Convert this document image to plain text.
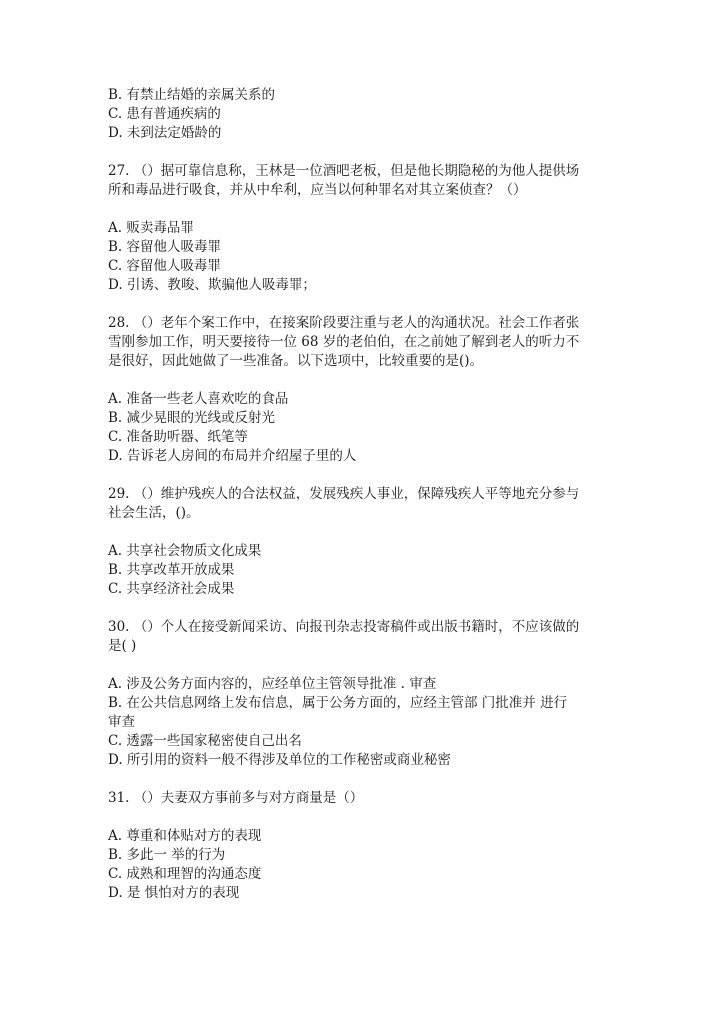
B. 有禁止结婚的亲属关系的
C. 患有普通疾病的
D. 未到法定婚龄的
27. （）据可靠信息称，王林是一位酒吧老板，但是他长期隐秘的为他人提供场
所和毒品进行吸食，并从中牟利，应当以何种罪名对其立案侦查？（）
A. 贩卖毒品罪
B. 容留他人吸毒罪
C. 容留他人吸毒罪
D. 引诱、教唆、欺骗他人吸毒罪；
28. （）老年个案工作中，在接案阶段要注重与老人的沟通状况。社会工作者张
雪刚参加工作，明天要接待一位 68 岁的老伯伯，在之前她了解到老人的听力不
是很好，因此她做了一些准备。以下选项中，比较重要的是()。
A. 准备一些老人喜欢吃的食品
B. 减少晃眼的光线或反射光
C. 准备助听器、纸笔等
D. 告诉老人房间的布局并介绍屋子里的人
29. （）维护残疾人的合法权益，发展残疾人事业，保障残疾人平等地充分参与
社会生活，()。
A. 共享社会物质文化成果
B. 共享改革开放成果
C. 共享经济社会成果
30. （）个人在接受新闻采访、向报刊杂志投寄稿件或出版书籍时，不应该做的
是( )
A. 涉及公务方面内容的，应经单位主管领导批准 . 审查
B. 在公共信息网络上发布信息，属于公务方面的，应经主管部 门批准并 进行
审查
C. 透露一些国家秘密使自己出名
D. 所引用的资料一般不得涉及单位的工作秘密或商业秘密
31. （）夫妻双方事前多与对方商量是（）
A. 尊重和体贴对方的表现
B. 多此一 举的行为
C. 成熟和理智的沟通态度
D. 是 惧怕对方的表现
